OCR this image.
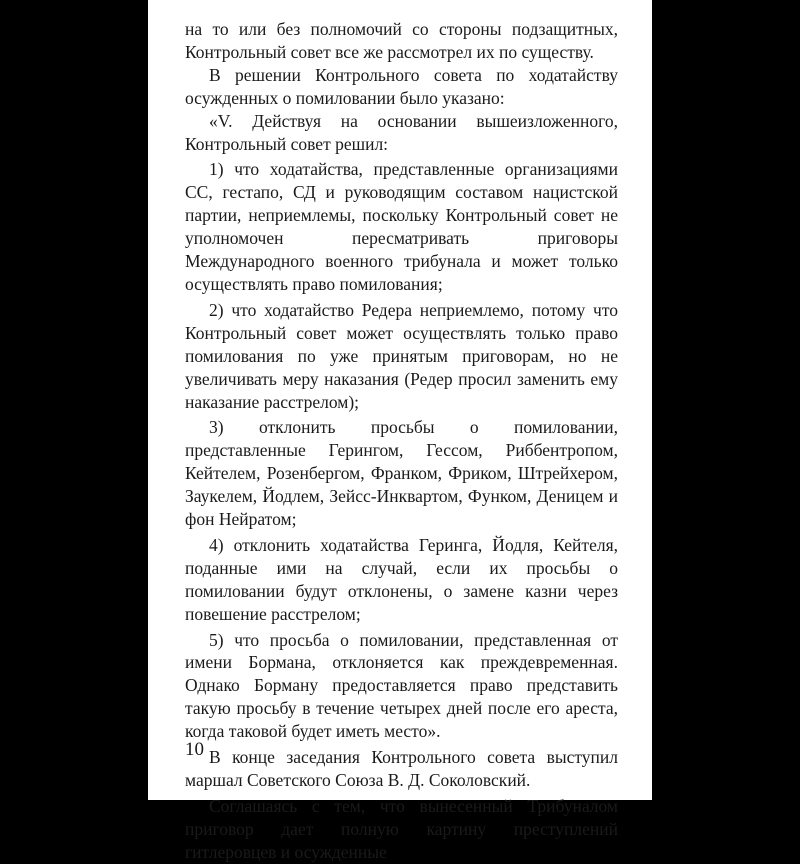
на то или без полномочий со стороны подзащитных, Контрольный совет все же рассмотрел их по существу.

В решении Контрольного совета по ходатайству осужденных о помиловании было указано:

«V. Действуя на основании вышеизложенного, Контрольный совет решил:

1) что ходатайства, представленные организациями СС, гестапо, СД и руководящим составом нацистской партии, неприемлемы, поскольку Контрольный совет не уполномочен пересматривать приговоры Международного военного трибунала и может только осуществлять право помилования;

2) что ходатайство Редера неприемлемо, потому что Контрольный совет может осуществлять только право помилования по уже принятым приговорам, но не увеличивать меру наказания (Редер просил заменить ему наказание расстрелом);

3) отклонить просьбы о помиловании, представленные Герингом, Гессом, Риббентропом, Кейтелем, Розенбергом, Франком, Фриком, Штрейхером, Заукелем, Йодлем, Зейсс-Инквартом, Функом, Деницем и фон Нейратом;

4) отклонить ходатайства Геринга, Йодля, Кейтеля, поданные ими на случай, если их просьбы о помиловании будут отклонены, о замене казни через повешение расстрелом;

5) что просьба о помиловании, представленная от имени Бормана, отклоняется как преждевременная. Однако Борману предоставляется право представить такую просьбу в течение четырех дней после его ареста, когда таковой будет иметь место».

В конце заседания Контрольного совета выступил маршал Советского Союза В. Д. Соколовский.

Соглашаясь с тем, что вынесенный Трибуналом приговор дает полную картину преступлений гитлеровцев и осужденные

10
